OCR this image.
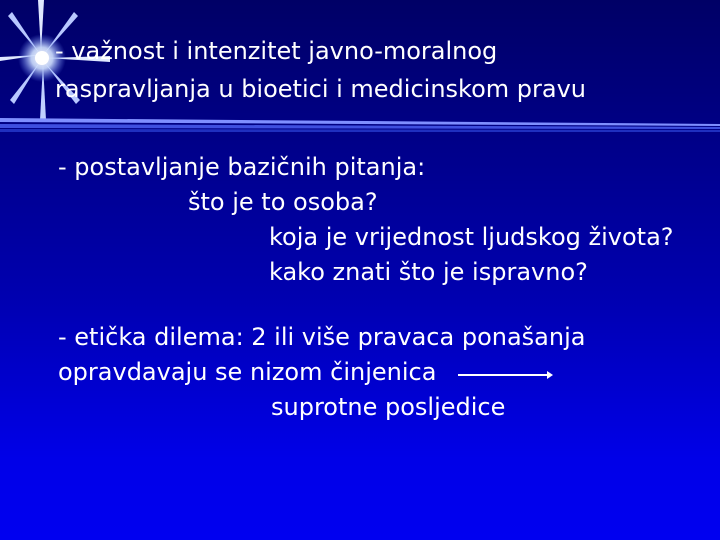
- važnost i intenzitet javno-moralnog
raspravljanja u bioetici i medicinskom pravu
- postavljanje bazičnih pitanja:
što je to osoba?
koja je vrijednost ljudskog života?
kako znati što je ispravno?
- etička dilema: 2 ili više pravaca ponašanja
opravdavaju se nizom činjenica
suprotne posljedice
